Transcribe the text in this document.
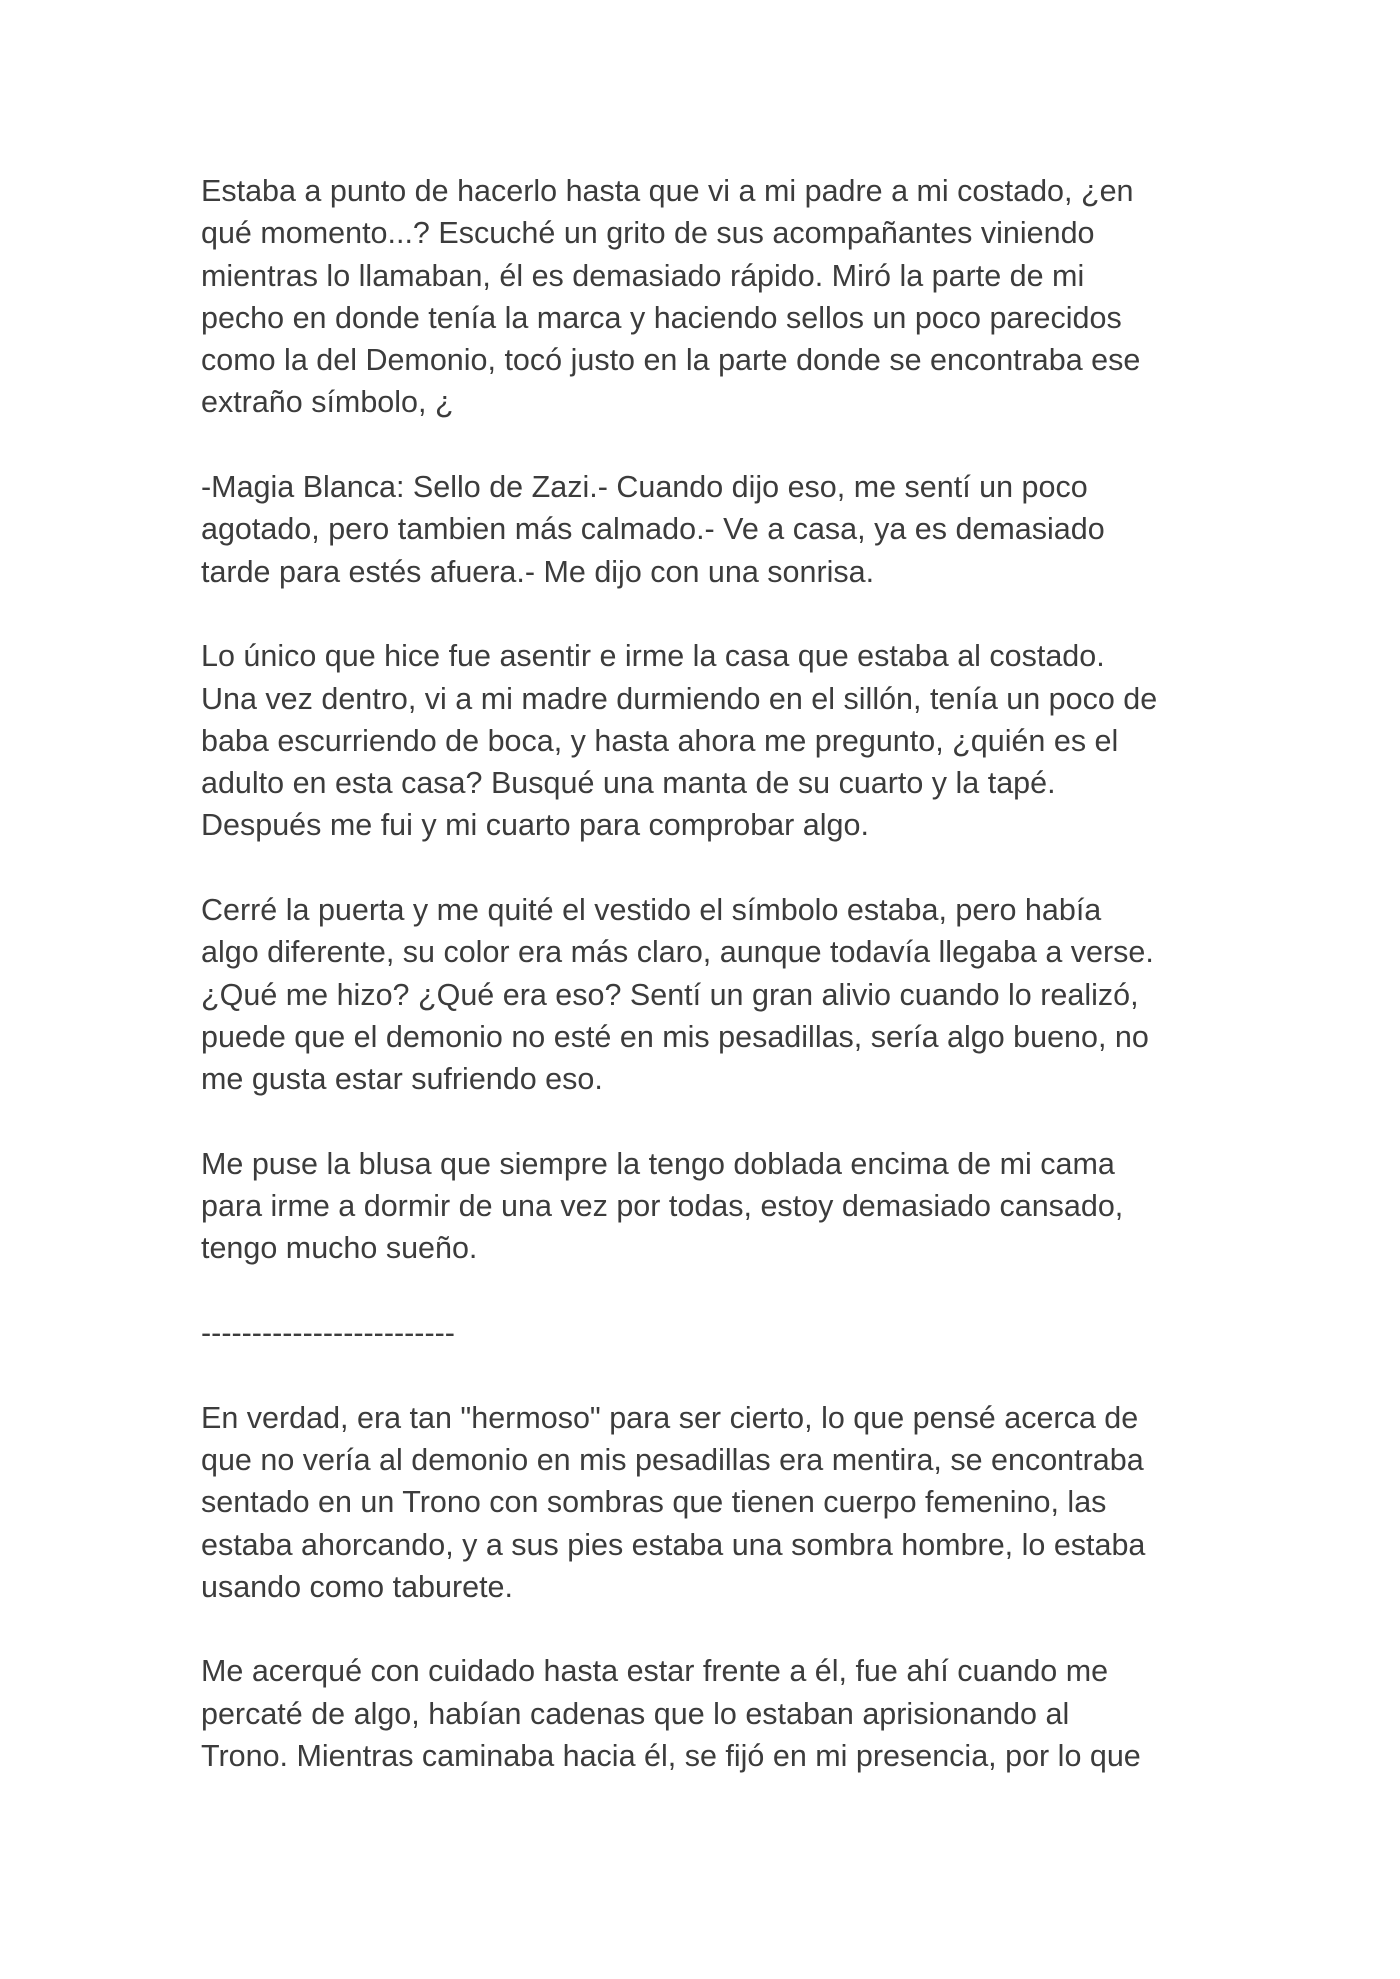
Estaba a punto de hacerlo hasta que vi a mi padre a mi costado, ¿en
qué momento...? Escuché un grito de sus acompañantes viniendo
mientras lo llamaban, él es demasiado rápido. Miró la parte de mi
pecho en donde tenía la marca y haciendo sellos un poco parecidos
como la del Demonio, tocó justo en la parte donde se encontraba ese
extraño símbolo, ¿

-Magia Blanca: Sello de Zazi.- Cuando dijo eso, me sentí un poco
agotado, pero tambien más calmado.- Ve a casa, ya es demasiado
tarde para estés afuera.- Me dijo con una sonrisa.

Lo único que hice fue asentir e irme la casa que estaba al costado.
Una vez dentro, vi a mi madre durmiendo en el sillón, tenía un poco de
baba escurriendo de boca, y hasta ahora me pregunto, ¿quién es el
adulto en esta casa? Busqué una manta de su cuarto y la tapé.
Después me fui y mi cuarto para comprobar algo.

Cerré la puerta y me quité el vestido el símbolo estaba, pero había
algo diferente, su color era más claro, aunque todavía llegaba a verse.
¿Qué me hizo? ¿Qué era eso? Sentí un gran alivio cuando lo realizó,
puede que el demonio no esté en mis pesadillas, sería algo bueno, no
me gusta estar sufriendo eso.

Me puse la blusa que siempre la tengo doblada encima de mi cama
para irme a dormir de una vez por todas, estoy demasiado cansado,
tengo mucho sueño.

-------------------------

En verdad, era tan "hermoso" para ser cierto, lo que pensé acerca de
que no vería al demonio en mis pesadillas era mentira, se encontraba
sentado en un Trono con sombras que tienen cuerpo femenino, las
estaba ahorcando, y a sus pies estaba una sombra hombre, lo estaba
usando como taburete.

Me acerqué con cuidado hasta estar frente a él, fue ahí cuando me
percaté de algo, habían cadenas que lo estaban aprisionando al
Trono. Mientras caminaba hacia él, se fijó en mi presencia, por lo que
